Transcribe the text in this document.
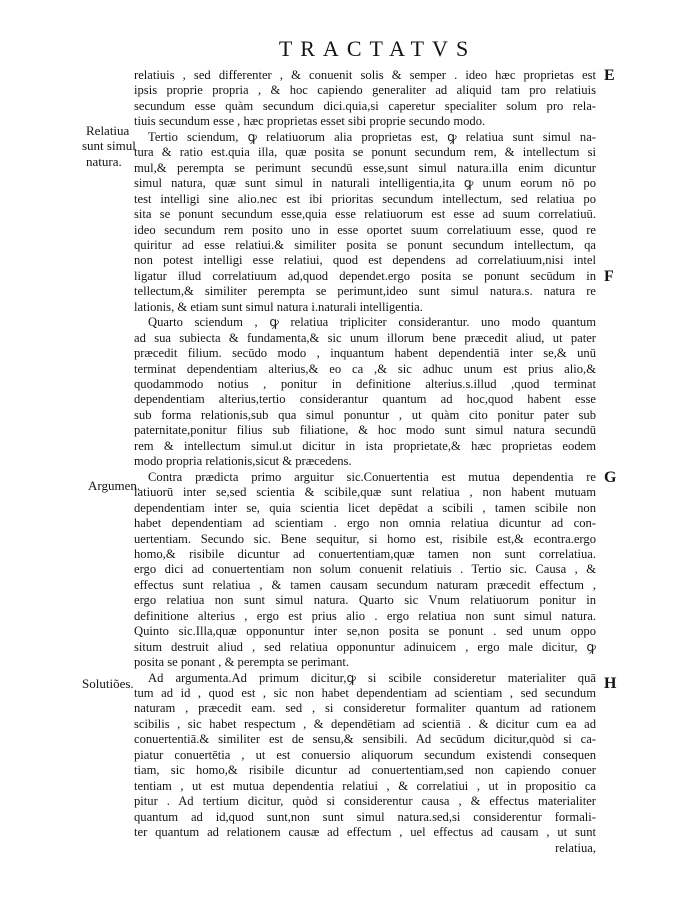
TRACTATVS
relatiuis , sed differenter , & conuenit solis & semper . ideo hæc proprietas est
ipsis proprie propria , & hoc capiendo generaliter ad aliquid tam pro relatiuis
secundum esse quàm secundum dici.quia,si caperetur specialiter solum pro rela-
tiuis secundum esse , hæc proprietas esset sibi proprie secundo modo.
Tertio sciendum, ꝙ relatiuorum alia proprietas est, ꝙ relatiua sunt simul na-
tura & ratio est.quia illa, quæ posita se ponunt secundum rem, & intellectum si
mul,& perempta se perimunt secundū esse,sunt simul natura.illa enim dicuntur
simul natura, quæ sunt simul in naturali intelligentia,ita ꝙ unum eorum nō po
test intelligi sine alio.nec est ibi prioritas secundum intellectum, sed relatiua po
sita se ponunt secundum esse,quia esse relatiuorum est esse ad suum correlatiuū.
ideo secundum rem posito uno in esse oportet suum correlatiuum esse, quod re
quiritur ad esse relatiui.& similiter posita se ponunt secundum intellectum, qa
non potest intelligi esse relatiui, quod est dependens ad correlatiuum,nisi intel
ligatur illud correlatiuum ad,quod dependet.ergo posita se ponunt secūdum in
tellectum,& similiter perempta se perimunt,ideo sunt simul natura.s. natura re
lationis, & etiam sunt simul natura i.naturali intelligentia.
Quarto sciendum , ꝙ relatiua tripliciter considerantur. uno modo quantum
ad sua subiecta & fundamenta,& sic unum illorum bene præcedit aliud, ut pater
præcedit filium. secūdo modo , inquantum habent dependentiā inter se,& unū
terminat dependentiam alterius,& eo ca ,& sic adhuc unum est prius alio,&
quodammodo notius , ponitur in definitione alterius.s.illud ,quod terminat
dependentiam alterius,tertio considerantur quantum ad hoc,quod habent esse
sub forma relationis,sub qua simul ponuntur , ut quàm cito ponitur pater sub
paternitate,ponitur filius sub filiatione, & hoc modo sunt simul natura secundū
rem & intellectum simul.ut dicitur in ista proprietate,& hæc proprietas eodem
modo propria relationis,sicut & præcedens.
Contra prædicta primo arguitur sic.Conuertentia est mutua dependentia re
latiuorū inter se,sed scientia & scibile,quæ sunt relatiua , non habent mutuam
dependentiam inter se, quia scientia licet depēdat a scibili , tamen scibile non
habet dependentiam ad scientiam . ergo non omnia relatiua dicuntur ad con-
uertentiam. Secundo sic. Bene sequitur, si homo est, risibile est,& econtra.ergo
homo,& risibile dicuntur ad conuertentiam,quæ tamen non sunt correlatiua.
ergo dici ad conuertentiam non solum conuenit relatiuis . Tertio sic. Causa , &
effectus sunt relatiua , & tamen causam secundum naturam præcedit effectum ,
ergo relatiua non sunt simul natura. Quarto sic Vnum relatiuorum ponitur in
definitione alterius , ergo est prius alio . ergo relatiua non sunt simul natura.
Quinto sic.Illa,quæ opponuntur inter se,non posita se ponunt . sed unum oppo
situm destruit aliud , sed relatiua opponuntur adinuicem , ergo male dicitur, ꝙ
posita se ponant , & perempta se perimant.
Ad argumenta.Ad primum dicitur,ꝙ si scibile consideretur materialiter quā
tum ad id , quod est , sic non habet dependentiam ad scientiam , sed secundum
naturam , præcedit eam. sed , si consideretur formaliter quantum ad rationem
scibilis , sic habet respectum , & dependētiam ad scientiā . & dicitur cum ea ad
conuertentiā.& similiter est de sensu,& sensibili. Ad secūdum dicitur,quòd si ca-
piatur conuertētia , ut est conuersio aliquorum secundum existendi consequen
tiam, sic homo,& risibile dicuntur ad conuertentiam,sed non capiendo conuer
tentiam , ut est mutua dependentia relatiui , & correlatiui , ut in propositio ca
pitur . Ad tertium dicitur, quòd si considerentur causa , & effectus materialiter
quantum ad id,quod sunt,non sunt simul natura.sed,si considerentur formali-
ter quantum ad relationem causæ ad effectum , uel effectus ad causam , ut sunt
relatiua,
Relatiua
sunt simul
natura.
Argumen.
Solutiões.
E
F
G
H
